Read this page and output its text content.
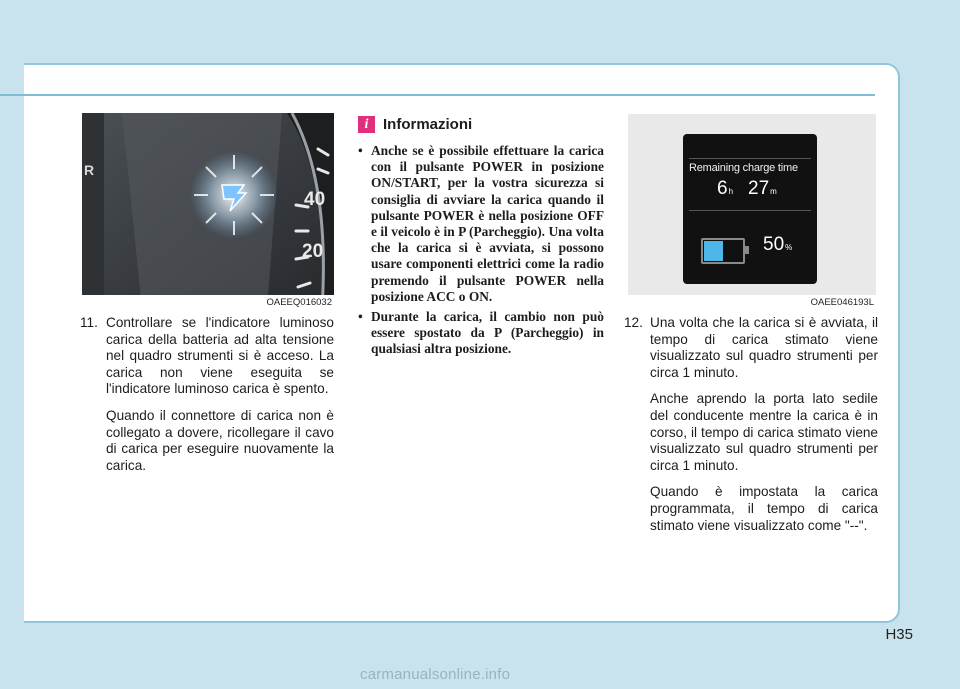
R
40
20
OAEEQ016032
Remaining charge time
6 h 27 m
50 %
OAEE046193L
11. Controllare se l'indicatore luminoso carica della batteria ad alta tensione nel quadro strumenti si è acceso. La carica non viene eseguita se l'indicatore luminoso carica è spento.
Quando il connettore di carica non è collegato a dovere, ricollegare il cavo di carica per eseguire nuovamente la carica.
i Informazioni
• Anche se è possibile effettuare la carica con il pulsante POWER in posizione ON/START, per la vostra sicurezza si consiglia di avviare la carica quando il pulsante POWER è nella posizione OFF e il veicolo è in P (Parcheggio). Una volta che la carica si è avviata, si possono usare componenti elettrici come la radio premendo il pulsante POWER nella posizione ACC o ON.
• Durante la carica, il cambio non può essere spostato da P (Parcheggio) in qualsiasi altra posizione.
12. Una volta che la carica si è avviata, il tempo di carica stimato viene visualizzato sul quadro strumenti per circa 1 minuto.
Anche aprendo la porta lato sedile del conducente mentre la carica è in corso, il tempo di carica stimato viene visualizzato sul quadro strumenti per circa 1 minuto.
Quando è impostata la carica programmata, il tempo di carica stimato viene visualizzato come "--".
H35
carmanualsonline.info
